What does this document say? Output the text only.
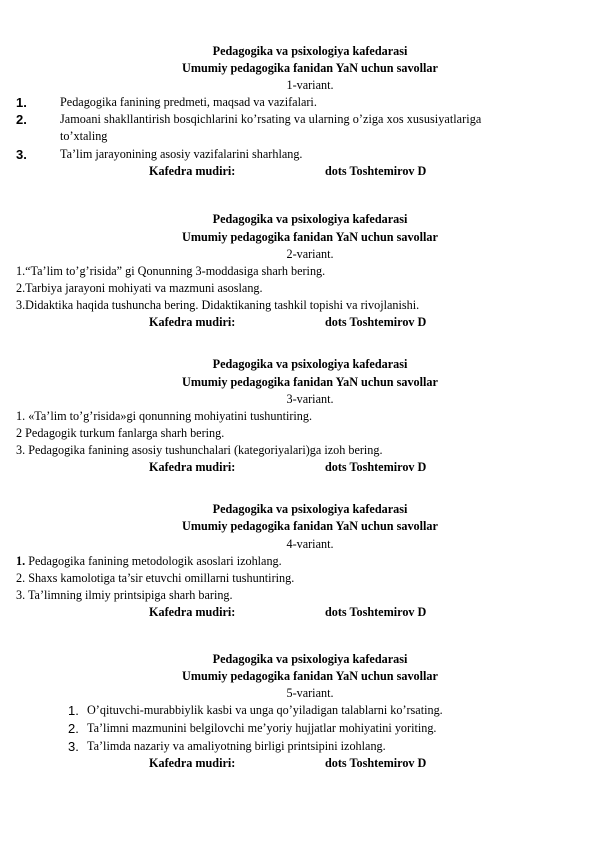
Pedagogika va psixologiya kafedarasi
Umumiy pedagogika fanidan YaN uchun savollar
1-variant.
1.	Pedagogika fanining predmeti, maqsad va vazifalari.
2.	Jamoani shakllantirish bosqichlarini ko’rsating va ularning o’ziga xos xususiyatlariga
to’xtaling
3.	Ta’lim jarayonining asosiy vazifalarini sharhlang.
Kafedra mudiri:	dots Toshtemirov D
Pedagogika va psixologiya kafedarasi
Umumiy pedagogika fanidan YaN uchun savollar
2-variant.
1.“Ta’lim to’g’risida” gi Qonunning 3-moddasiga sharh bering.
2.Tarbiya jarayoni mohiyati va mazmuni asoslang.
3.Didaktika haqida tushuncha bering. Didaktikaning tashkil topishi va rivojlanishi.
Kafedra mudiri:	dots Toshtemirov D
Pedagogika va psixologiya kafedarasi
Umumiy pedagogika fanidan YaN uchun savollar
3-variant.
1. «Ta’lim to’g’risida»gi qonunning mohiyatini tushuntiring.
2 Pedagogik turkum fanlarga sharh bering.
3. Pedagogika fanining asosiy tushunchalari (kategoriyalari)ga izoh bering.
Kafedra mudiri:	dots Toshtemirov D
Pedagogika va psixologiya kafedarasi
Umumiy pedagogika fanidan YaN uchun savollar
4-variant.
1. Pedagogika fanining metodologik asoslari izohlang.
2. Shaxs kamolotiga ta’sir etuvchi omillarni tushuntiring.
3. Ta’limning ilmiy printsipiga sharh baring.
Kafedra mudiri:	dots Toshtemirov D
Pedagogika va psixologiya kafedarasi
Umumiy pedagogika fanidan YaN uchun savollar
5-variant.
1. O’qituvchi-murabbiylik kasbi va unga qo’yiladigan talablarni ko’rsating.
2. Ta’limni mazmunini belgilovchi me’yoriy hujjatlar mohiyatini yoriting.
3. Ta’limda nazariy va amaliyotning birligi printsipini izohlang.
Kafedra mudiri:	dots Toshtemirov D
